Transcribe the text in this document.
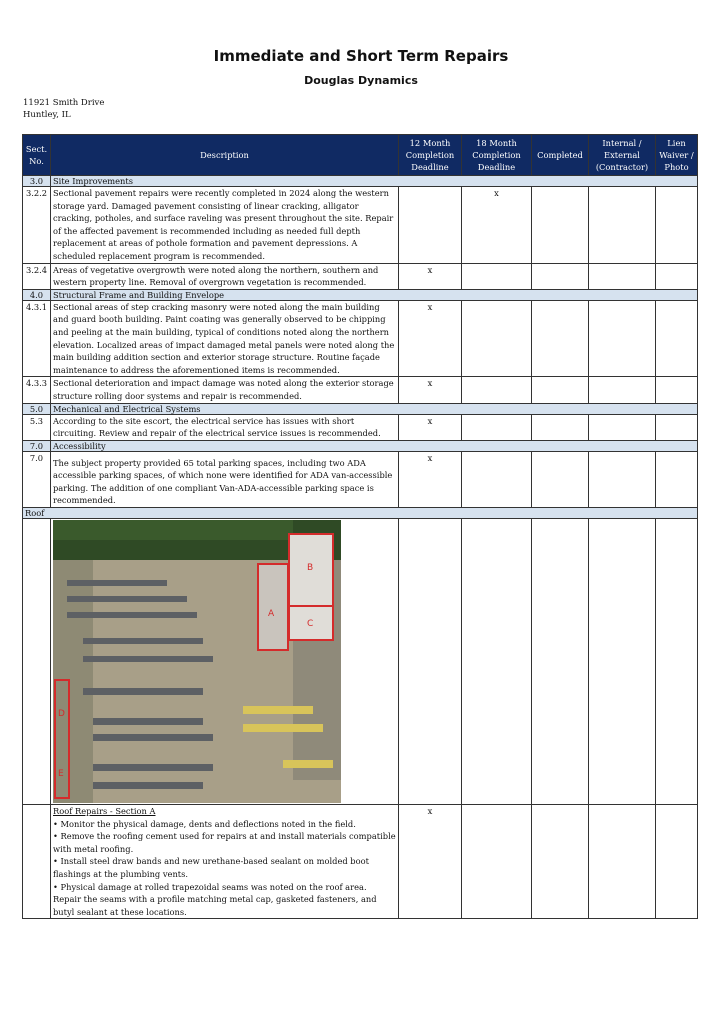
Immediate and Short Term Repairs
Douglas Dynamics
11921 Smith Drive
Huntley, IL
Sect. No.	Description	12 Month Completion Deadline	18 Month Completion Deadline	Completed	Internal / External (Contractor)	Lien Waiver / Photo
3.0	Site Improvements					
3.2.2	Sectional pavement repairs were recently completed in 2024 along the western storage yard. Damaged pavement consisting of linear cracking, alligator cracking, potholes, and surface raveling was present throughout the site. Repair of the affected pavement is recommended including as needed full depth replacement at areas of pothole formation and pavement depressions. A scheduled replacement program is recommended.		x			
3.2.4	Areas of vegetative overgrowth were noted along the northern, southern and western property line. Removal of overgrown vegetation is recommended.	x				
4.0	Structural Frame and Building Envelope					
4.3.1	Sectional areas of step cracking masonry were noted along the main building and guard booth building. Paint coating was generally observed to be chipping and peeling at the main building, typical of conditions noted along the northern elevation. Localized areas of impact damaged metal panels were noted along the main building addition section and exterior storage structure. Routine façade maintenance to address the aforementioned items is recommended.	x				
4.3.3	Sectional deterioration and impact damage was noted along the exterior storage structure rolling door systems and repair is recommended.	x				
5.0	Mechanical and Electrical Systems					
5.3	According to the site escort, the electrical service has issues with short circuiting. Review and repair of the electrical service issues is recommended.	x				
7.0	Accessibility					
7.0	The subject property provided 65 total parking spaces, including two ADA accessible parking spaces, of which none were identified for ADA van-accessible parking. The addition of one compliant Van-ADA-accessible parking space is recommended.	x				
Roof						

A
B
C
D
E					

	Roof Repairs - Section A
• Monitor the physical damage, dents and deflections noted in the field.
• Remove the roofing cement used for repairs at and install materials compatible with metal roofing.
• Install steel draw bands and new urethane-based sealant on molded boot flashings at the plumbing vents.
• Physical damage at rolled trapezoidal seams was noted on the roof area. Repair the seams with a profile matching metal cap, gasketed fasteners, and butyl sealant at these locations.	x				
